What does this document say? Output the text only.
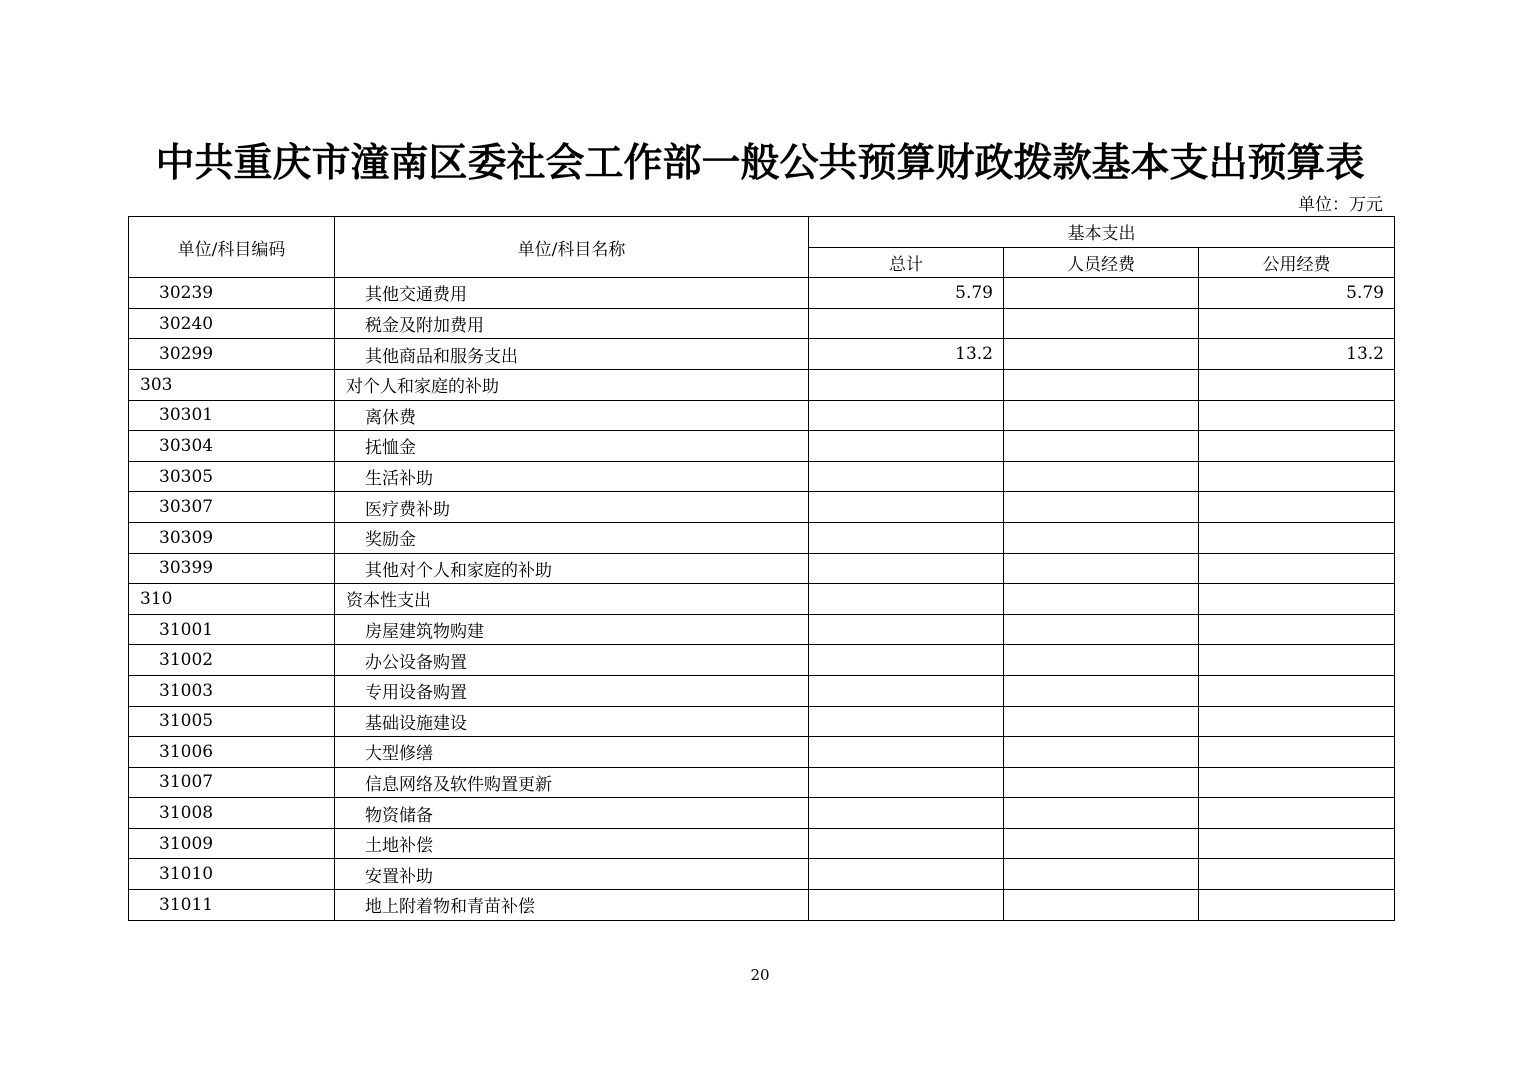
中共重庆市潼南区委社会工作部一般公共预算财政拨款基本支出预算表
单位：万元
单位/科目编码	单位/科目名称	基本支出		
		总计	人员经费	公用经费
30239	其他交通费用	5.79		5.79
30240	税金及附加费用			
30299	其他商品和服务支出	13.2		13.2
303	对个人和家庭的补助			
30301	离休费			
30304	抚恤金			
30305	生活补助			
30307	医疗费补助			
30309	奖励金			
30399	其他对个人和家庭的补助			
310	资本性支出			
31001	房屋建筑物购建			
31002	办公设备购置			
31003	专用设备购置			
31005	基础设施建设			
31006	大型修缮			
31007	信息网络及软件购置更新			
31008	物资储备			
31009	土地补偿			
31010	安置补助			
31011	地上附着物和青苗补偿			
20
